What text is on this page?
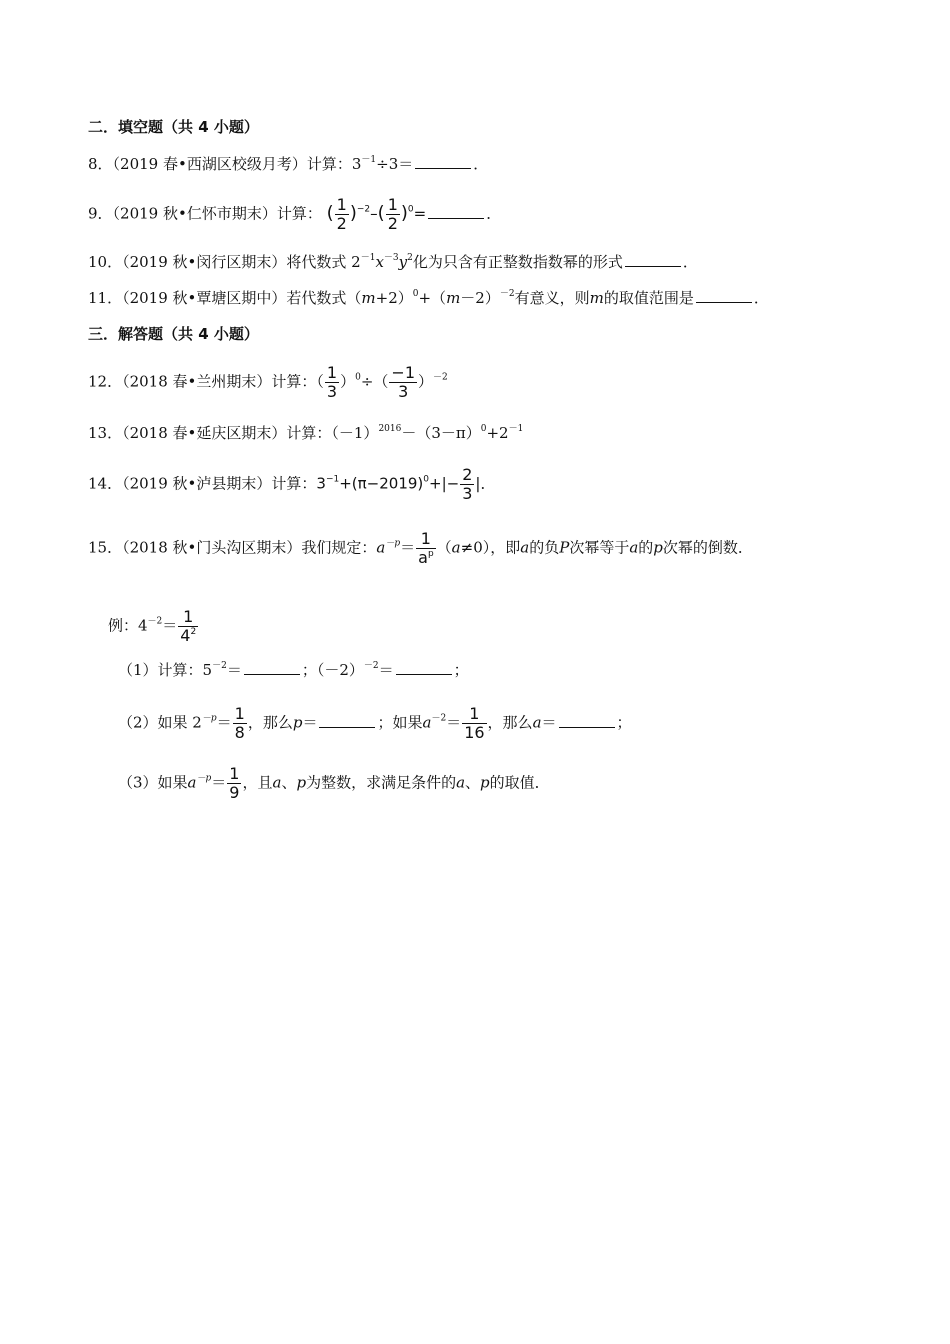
二．填空题（共 4 小题）
8．（2019 春•西湖区校级月考）计算：$3^{-1}\div 3=$	．
9．（2019 秋•仁怀市期末）计算： ( $\frac{1}{2} )^{-2}-( \frac{1}{2} )^0=$	．
10．（2019 秋•闵行区期末）将代数式 $2^{-1}x^{-3}y^2$化为只含有正整数指数幂的形式	．
11．（2019 秋•覃塘区期中）若代数式$(m+2)^0+(m-2)^{-2}$有意义，则m的取值范围是	．
三．解答题（共 4 小题）
12．（2018 春•兰州期末）计算：（ $\frac{1}{3} )^0\div( \frac{-1}{3} )^{-2}$
13．（2018 春•延庆区期末）计算：$(-1)^{2016}-(3-\pi)^0+2^{-1}$
14．（2019 秋•泸县期末）计算：$3^{-1}+(\pi-2019)^0+|- \frac{2}{3}$ |．
15．（2018 秋•门头沟区期末）我们规定：$a^{-p}= \frac{1}{a^p} (a\ne 0)$，即a的负P次幂等于a的p次幂的倒数．
例：$4^{-2}= \frac{1}{4^2}$
（1）计算：$5^{-2}=$	；$(-2)^{-2}=$	；
（2）如果 $2^{-p}= \frac{1}{8}$ ，那么p＝	；如果$a^{-2}= \frac{1}{16}$ ，那么a＝	；
（3）如果$a^{-p}= \frac{1}{9}$ ，且a、p为整数，求满足条件的a、p的取值．
